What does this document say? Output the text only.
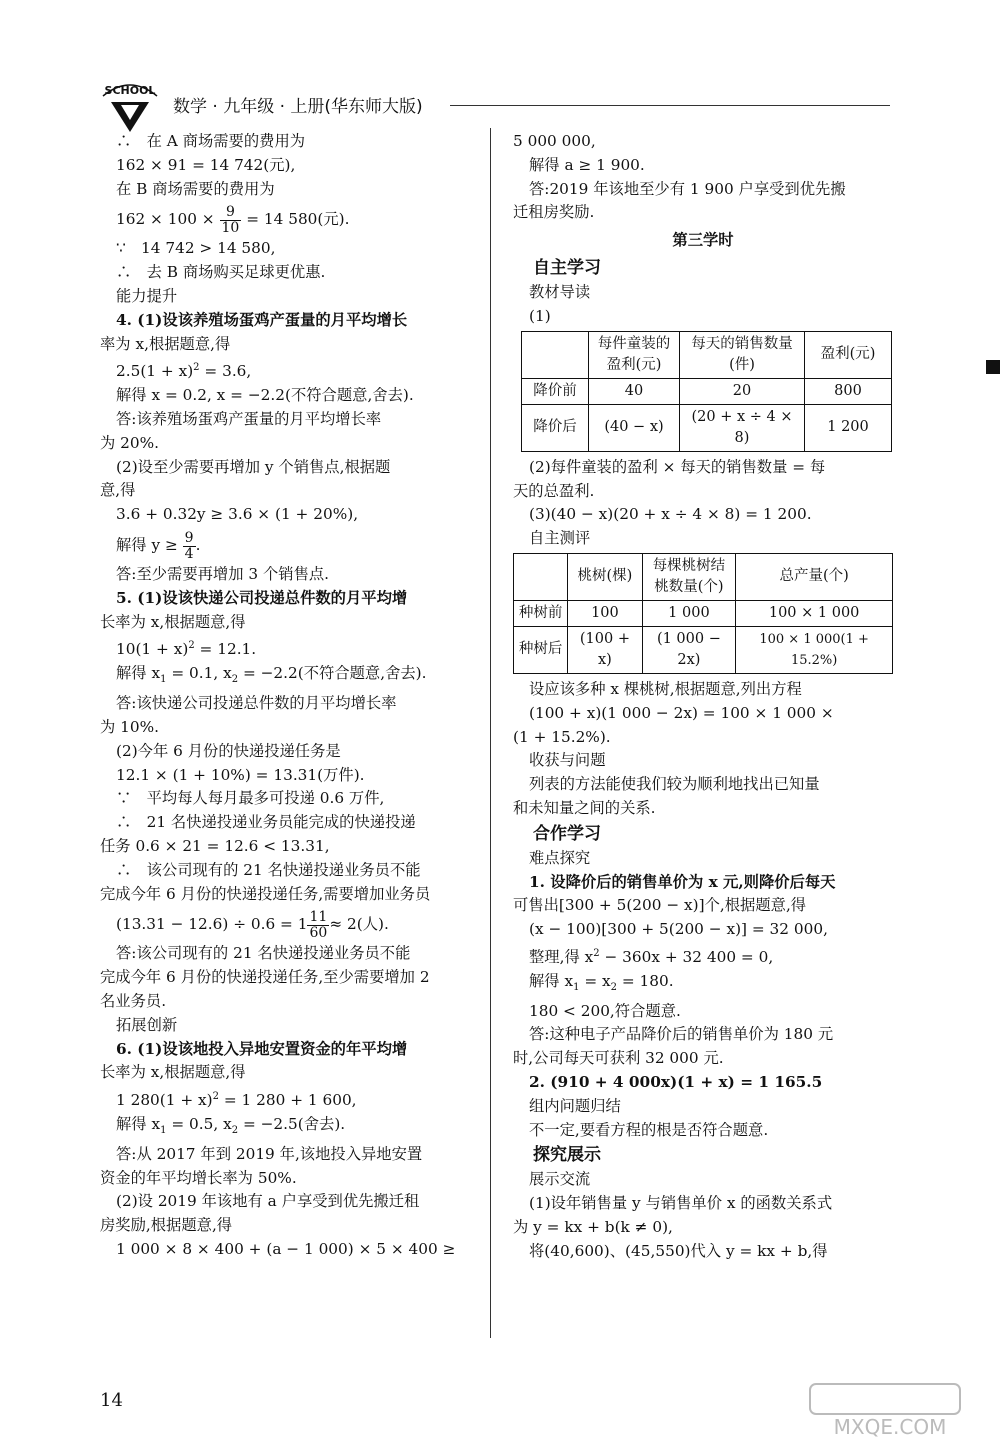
SCHOOL
数学 · 九年级 · 上册(华东师大版)
∴　在 A 商场需要的费用为
162 × 91 = 14 742(元),
在 B 商场需要的费用为
$162 \times 100 \times \frac{9}{10} = 14$ 580(元).
∵　14 742 > 14 580,
∴　去 B 商场购买足球更优惠.
能力提升
4. (1)设该养殖场蛋鸡产蛋量的月平均增长
率为 x,根据题意,得
$2.5(1 + x)^2 = 3.6$,
解得 x = 0.2, x = −2.2(不符合题意,舍去).
答:该养殖场蛋鸡产蛋量的月平均增长率
为 20%.
(2)设至少需要再增加 y 个销售点,根据题
意,得
3.6 + 0.32y ≥ 3.6 × (1 + 20%),
解得 $y \ge \frac{9}{4}$ .
答:至少需要再增加 3 个销售点.
5. (1)设该快递公司投递总件数的月平均增
长率为 x,根据题意,得
$10(1 + x)^2 = 12.1$.
解得 $x_1 = 0.1$, $x_2 = -2.2$(不符合题意,舍去).
答:该快递公司投递总件数的月平均增长率
为 10%.
(2)今年 6 月份的快递投递任务是
12.1 × (1 + 10%) = 13.31(万件).
∵　平均每人每月最多可投递 0.6 万件,
∴　21 名快递投递业务员能完成的快递投递
任务 0.6 × 21 = 12.6 < 13.31,
∴　该公司现有的 21 名快递投递业务员不能
完成今年 6 月份的快递投递任务,需要增加业务员
$(13.31 - 12.6) \div 0.6 = 1 \frac{11}{60} \approx 2$(人).
答:该公司现有的 21 名快递投递业务员不能
完成今年 6 月份的快递投递任务,至少需要增加 2
名业务员.
拓展创新
6. (1)设该地投入异地安置资金的年平均增
长率为 x,根据题意,得
1 $280(1 + x)^2 = 1$ 280 + 1 600,
解得 $x_1 = 0.5$, $x_2 = -2.5$(舍去).
答:从 2017 年到 2019 年,该地投入异地安置
资金的年平均增长率为 50%.
(2)设 2019 年该地有 a 户享受到优先搬迁租
房奖励,根据题意,得
1 000 × 8 × 400 + (a − 1 000) × 5 × 400 ≥
5 000 000,
解得 a ≥ 1 900.
答:2019 年该地至少有 1 900 户享受到优先搬
迁租房奖励.
第三学时
自主学习
教材导读
(1)
	每件童装的盈利(元)	每天的销售数量(件)	盈利(元)
降价前	40	20	800
降价后	(40 − x)	(20 + x ÷ 4 × 8)	1 200
(2)每件童装的盈利 × 每天的销售数量 = 每
天的总盈利.
(3)(40 − x)(20 + x ÷ 4 × 8) = 1 200.
自主测评
	桃树(棵)	每棵桃树结桃数量(个)	总产量(个)
种树前	100	1 000	100 × 1 000
种树后	(100 + x)	(1 000 − 2x)	100 × 1 000(1 + 15.2%)
设应该多种 x 棵桃树,根据题意,列出方程
(100 + x)(1 000 − 2x) = 100 × 1 000 ×
(1 + 15.2%).
收获与问题
列表的方法能使我们较为顺利地找出已知量
和未知量之间的关系.
合作学习
难点探究
1. 设降价后的销售单价为 x 元,则降价后每天
可售出[300 + 5(200 − x)]个,根据题意,得
(x − 100)[300 + 5(200 − x)] = 32 000,
整理,得 $x^2 - 360x + 32$ 400 = 0,
解得 $x_1 = x_2 = 180$.
180 < 200,符合题意.
答:这种电子产品降价后的销售单价为 180 元
时,公司每天可获利 32 000 元.
2. (910 + 4 000x)(1 + x) = 1 165.5
组内问题归结
不一定,要看方程的根是否符合题意.
探究展示
展示交流
(1)设年销售量 y 与销售单价 x 的函数关系式
为 y = kx + b(k ≠ 0),
将(40,600)、(45,550)代入 y = kx + b,得
14
MXQE.COM
